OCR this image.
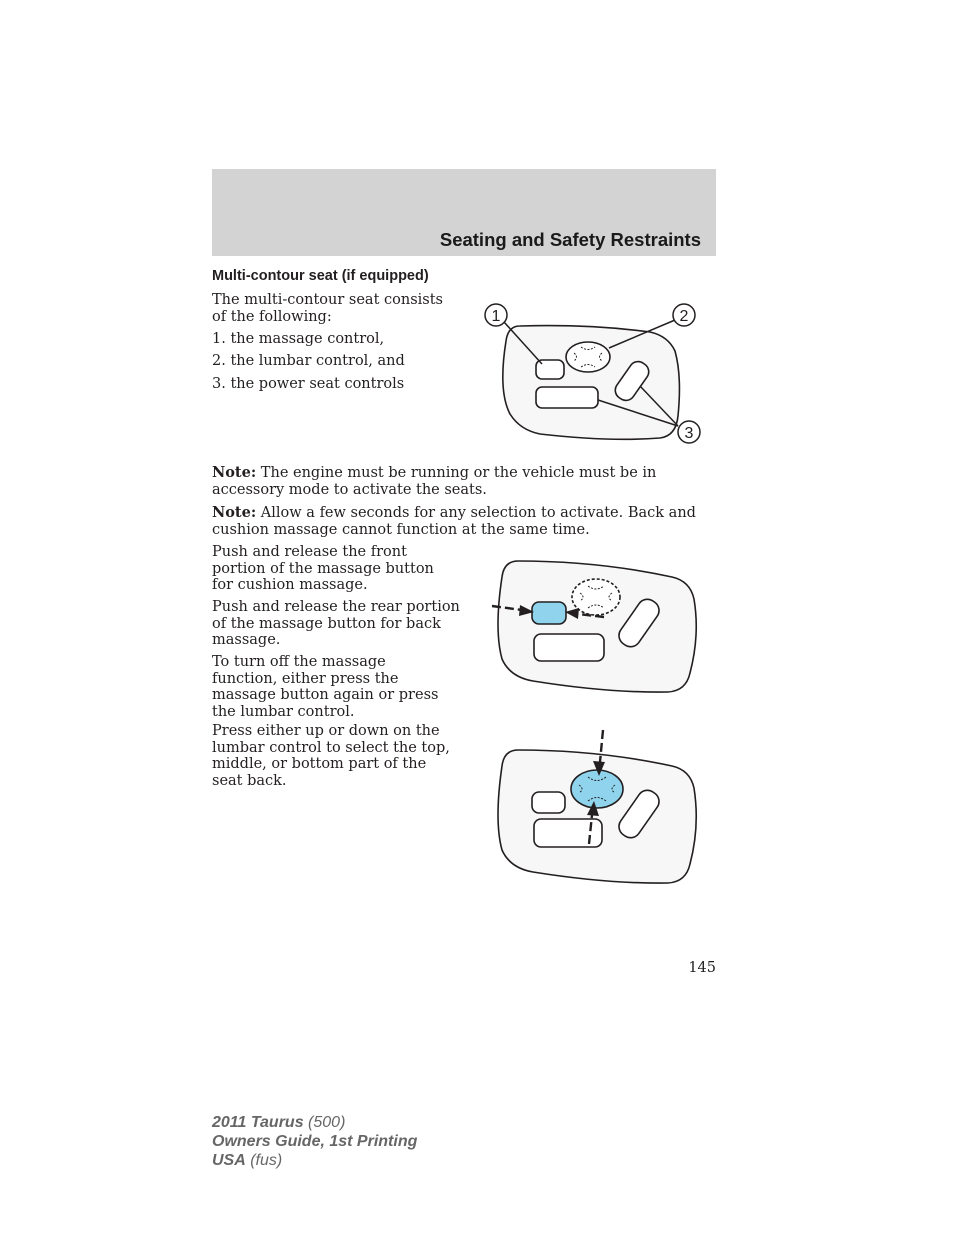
Seating and Safety Restraints
Multi-contour seat (if equipped)

The multi-contour seat consists of the following:

1. the massage control,

2. the lumbar control, and

3. the power seat controls

1	2
3

Note: The engine must be running or the vehicle must be in accessory mode to activate the seats.

Note: Allow a few seconds for any selection to activate. Back and cushion massage cannot function at the same time.

Push and release the front portion of the massage button for cushion massage.

Push and release the rear portion of the massage button for back massage.

To turn off the massage function, either press the massage button again or press the lumbar control.

Press either up or down on the lumbar control to select the top, middle, or bottom part of the seat back.

145
2011 Taurus (500)
Owners Guide, 1st Printing
USA (fus)
